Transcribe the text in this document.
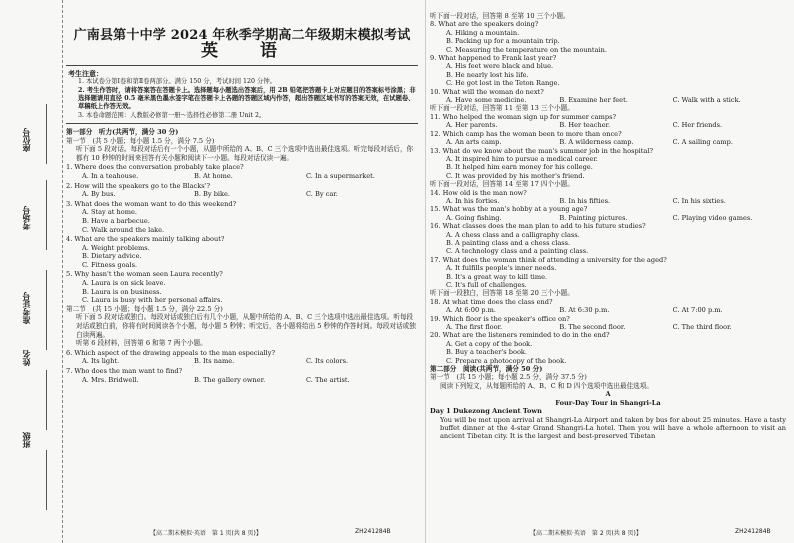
座位号
考场号
准考证号
姓名
班级
广南县第十中学 2024 年秋季学期高二年级期末模拟考试
英 语
考生注意：
1. 本试卷分第Ⅰ卷和第Ⅱ卷两部分。满分 150 分，考试时间 120 分钟。
2. 考生作答时，请将答案答在答题卡上。选择题每小题选出答案后，用 2B 铅笔把答题卡上对应题目的答案标号涂黑；非选择题请用直径 0.5 毫米黑色墨水签字笔在答题卡上各题的答题区域内作答，超出答题区域书写的答案无效，在试题卷、草稿纸上作答无效。
3. 本卷命题范围：人教版必修第一册～选择性必修第二册 Unit 2。
第一部分　听力(共两节，满分 30 分)
第一节　(共 5 小题；每小题 1.5 分，满分 7.5 分)
听下面 5 段对话。每段对话后有一个小题，从题中所给的 A、B、C 三个选项中选出最佳选项。听完每段对话后，你都有 10 秒钟的时间来回答有关小题和阅读下一小题。每段对话仅读一遍。
1. Where does the conversation probably take place?
A. In a teahouse.	B. At home.	C. In a supermarket.
2. How will the speakers go to the Blacks'?
A. By bus.	B. By bike.	C. By car.
3. What does the woman want to do this weekend?
A. Stay at home.
B. Have a barbecue.
C. Walk around the lake.
4. What are the speakers mainly talking about?
A. Weight problems.
B. Dietary advice.
C. Fitness goals.
5. Why hasn't the woman seen Laura recently?
A. Laura is on sick leave.
B. Laura is on business.
C. Laura is busy with her personal affairs.
第二节　(共 15 小题；每小题 1.5 分，满分 22.5 分)
听下面 5 段对话或独白。每段对话或独白后有几个小题，从题中所给的 A、B、C 三个选项中选出最佳选项。听每段对话或独白前，你将有时间阅读各个小题，每小题 5 秒钟；听完后，各小题将给出 5 秒钟的作答时间。每段对话或独白读两遍。
听第 6 段材料，回答第 6 和第 7 两个小题。
6. Which aspect of the drawing appeals to the man especially?
A. Its light.	B. Its name.	C. Its colors.
7. Who does the man want to find?
A. Mrs. Bridwell.	B. The gallery owner.	C. The artist.
【高二期末模拟·英语　第 1 页(共 8 页)】	ZH241284B
听下面一段对话，回答第 8 至第 10 三个小题。
8. What are the speakers doing?
A. Hiking a mountain.
B. Packing up for a mountain trip.
C. Measuring the temperature on the mountain.
9. What happened to Frank last year?
A. His feet were black and blue.
B. He nearly lost his life.
C. He got lost in the Teton Range.
10. What will the woman do next?
A. Have some medicine.	B. Examine her feet.	C. Walk with a stick.
听下面一段对话，回答第 11 至第 13 三个小题。
11. Who helped the woman sign up for summer camps?
A. Her parents.	B. Her teacher.	C. Her friends.
12. Which camp has the woman been to more than once?
A. An arts camp.	B. A wilderness camp.	C. A sailing camp.
13. What do we know about the man's summer job in the hospital?
A. It inspired him to pursue a medical career.
B. It helped him earn money for his college.
C. It was provided by his mother's friend.
听下面一段对话，回答第 14 至第 17 四个小题。
14. How old is the man now?
A. In his forties.	B. In his fifties.	C. In his sixties.
15. What was the man's hobby at a young age?
A. Going fishing.	B. Painting pictures.	C. Playing video games.
16. What classes does the man plan to add to his future studies?
A. A chess class and a calligraphy class.
B. A painting class and a chess class.
C. A technology class and a painting class.
17. What does the woman think of attending a university for the aged?
A. It fulfills people's inner needs.
B. It's a great way to kill time.
C. It's full of challenges.
听下面一段独白，回答第 18 至第 20 三个小题。
18. At what time does the class end?
A. At 6:00 p.m.	B. At 6:30 p.m.	C. At 7:00 p.m.
19. Which floor is the speaker's office on?
A. The first floor.	B. The second floor.	C. The third floor.
20. What are the listeners reminded to do in the end?
A. Get a copy of the book.
B. Buy a teacher's book.
C. Prepare a photocopy of the book.
第二部分　阅读(共两节，满分 50 分)
第一节　(共 15 小题；每小题 2.5 分，满分 37.5 分)
阅读下列短文，从每题所给的 A、B、C 和 D 四个选项中选出最佳选项。
A
Four-Day Tour in Shangri-La
Day 1 Dukezong Ancient Town
You will be met upon arrival at Shangri-La Airport and taken by bus for about 25 minutes. Have a tasty buffet dinner at the 4-star Grand Shangri-La hotel. Then you will have a whole afternoon to visit an ancient Tibetan city. It is the largest and best-preserved Tibetan
【高二期末模拟·英语　第 2 页(共 8 页)】	ZH241284B
